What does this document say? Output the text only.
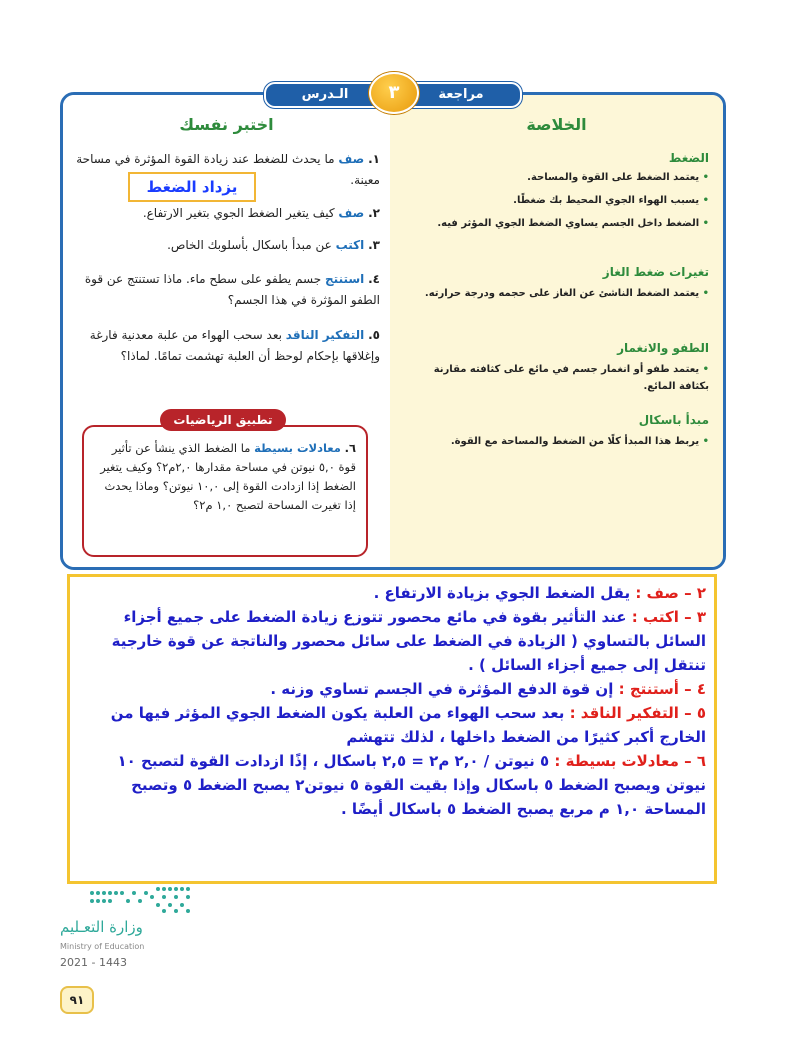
الخلاصة
الضغط
• يعتمد الضغط على القوة والمساحة.
• يسبب الهواء الجوي المحيط بك ضغطًا.
• الضغط داخل الجسم يساوي الضغط الجوي المؤثر فيه.
تغيرات ضغط الغاز
• يعتمد الضغط الناشئ عن الغاز على حجمه ودرجة حرارته.
الطفو والانغمار
• يعتمد طفو أو انغمار جسم في مائع على كثافته مقارنة بكثافة المائع.
مبدأ باسكال
• يربط هذا المبدأ كلًا من الضغط والمساحة مع القوة.
اختبر نفسك
١. صف ما يحدث للضغط عند زيادة القوة المؤثرة في مساحة معينة.
٢. صف كيف يتغير الضغط الجوي بتغير الارتفاع.
٣. اكتب عن مبدأ باسكال بأسلوبك الخاص.
٤. استنتج جسم يطفو على سطح ماء. ماذا تستنتج عن قوة الطفو المؤثرة في هذا الجسم؟
٥. التفكير الناقد بعد سحب الهواء من علبة معدنية فارغة وإغلاقها بإحكام لوحظ أن العلبة تهشمت تمامًا. لماذا؟
الـدرس	مراجعة
٣
يزداد الضغط
٦. معادلات بسيطة ما الضغط الذي ينشأ عن تأثير قوة ٥,٠ نيوتن في مساحة مقدارها ٢,٠م٢؟ وكيف يتغير الضغط إذا ازدادت القوة إلى ١٠,٠ نيوتن؟ وماذا يحدث إذا تغيرت المساحة لتصبح ١,٠ م٢؟
تطبيق الرياضيات
٢ – صف : يقل الضغط الجوي بزيادة الارتفاع .
٣ – اكتب : عند التأثير بقوة في مائع محصور تتوزع زيادة الضغط على جميع أجزاء السائل بالتساوي ( الزيادة في الضغط على سائل محصور والناتجة عن قوة خارجية تنتقل إلى جميع أجزاء السائل ) .
٤ – أستنتج : إن قوة الدفع المؤثرة في الجسم تساوي وزنه .
٥ – التفكير الناقد : بعد سحب الهواء من العلبة يكون الضغط الجوي المؤثر فيها من الخارج أكبر كثيرًا من الضغط داخلها ، لذلك تتهشم
٦ – معادلات بسيطة : ٥ نيوتن / ٢,٠ م٢ = ٢,٥ باسكال ، إذًا ازدادت القوة لتصبح ١٠ نيوتن ويصبح الضغط ٥ باسكال وإذا بقيت القوة ٥ نيوتن٢ يصبح الضغط ٥ وتصبح المساحة ١,٠ م مربع يصبح الضغط ٥ باسكال أيضًا .
وزارة التعـليم
Ministry of Education
2021 - 1443
٩١
